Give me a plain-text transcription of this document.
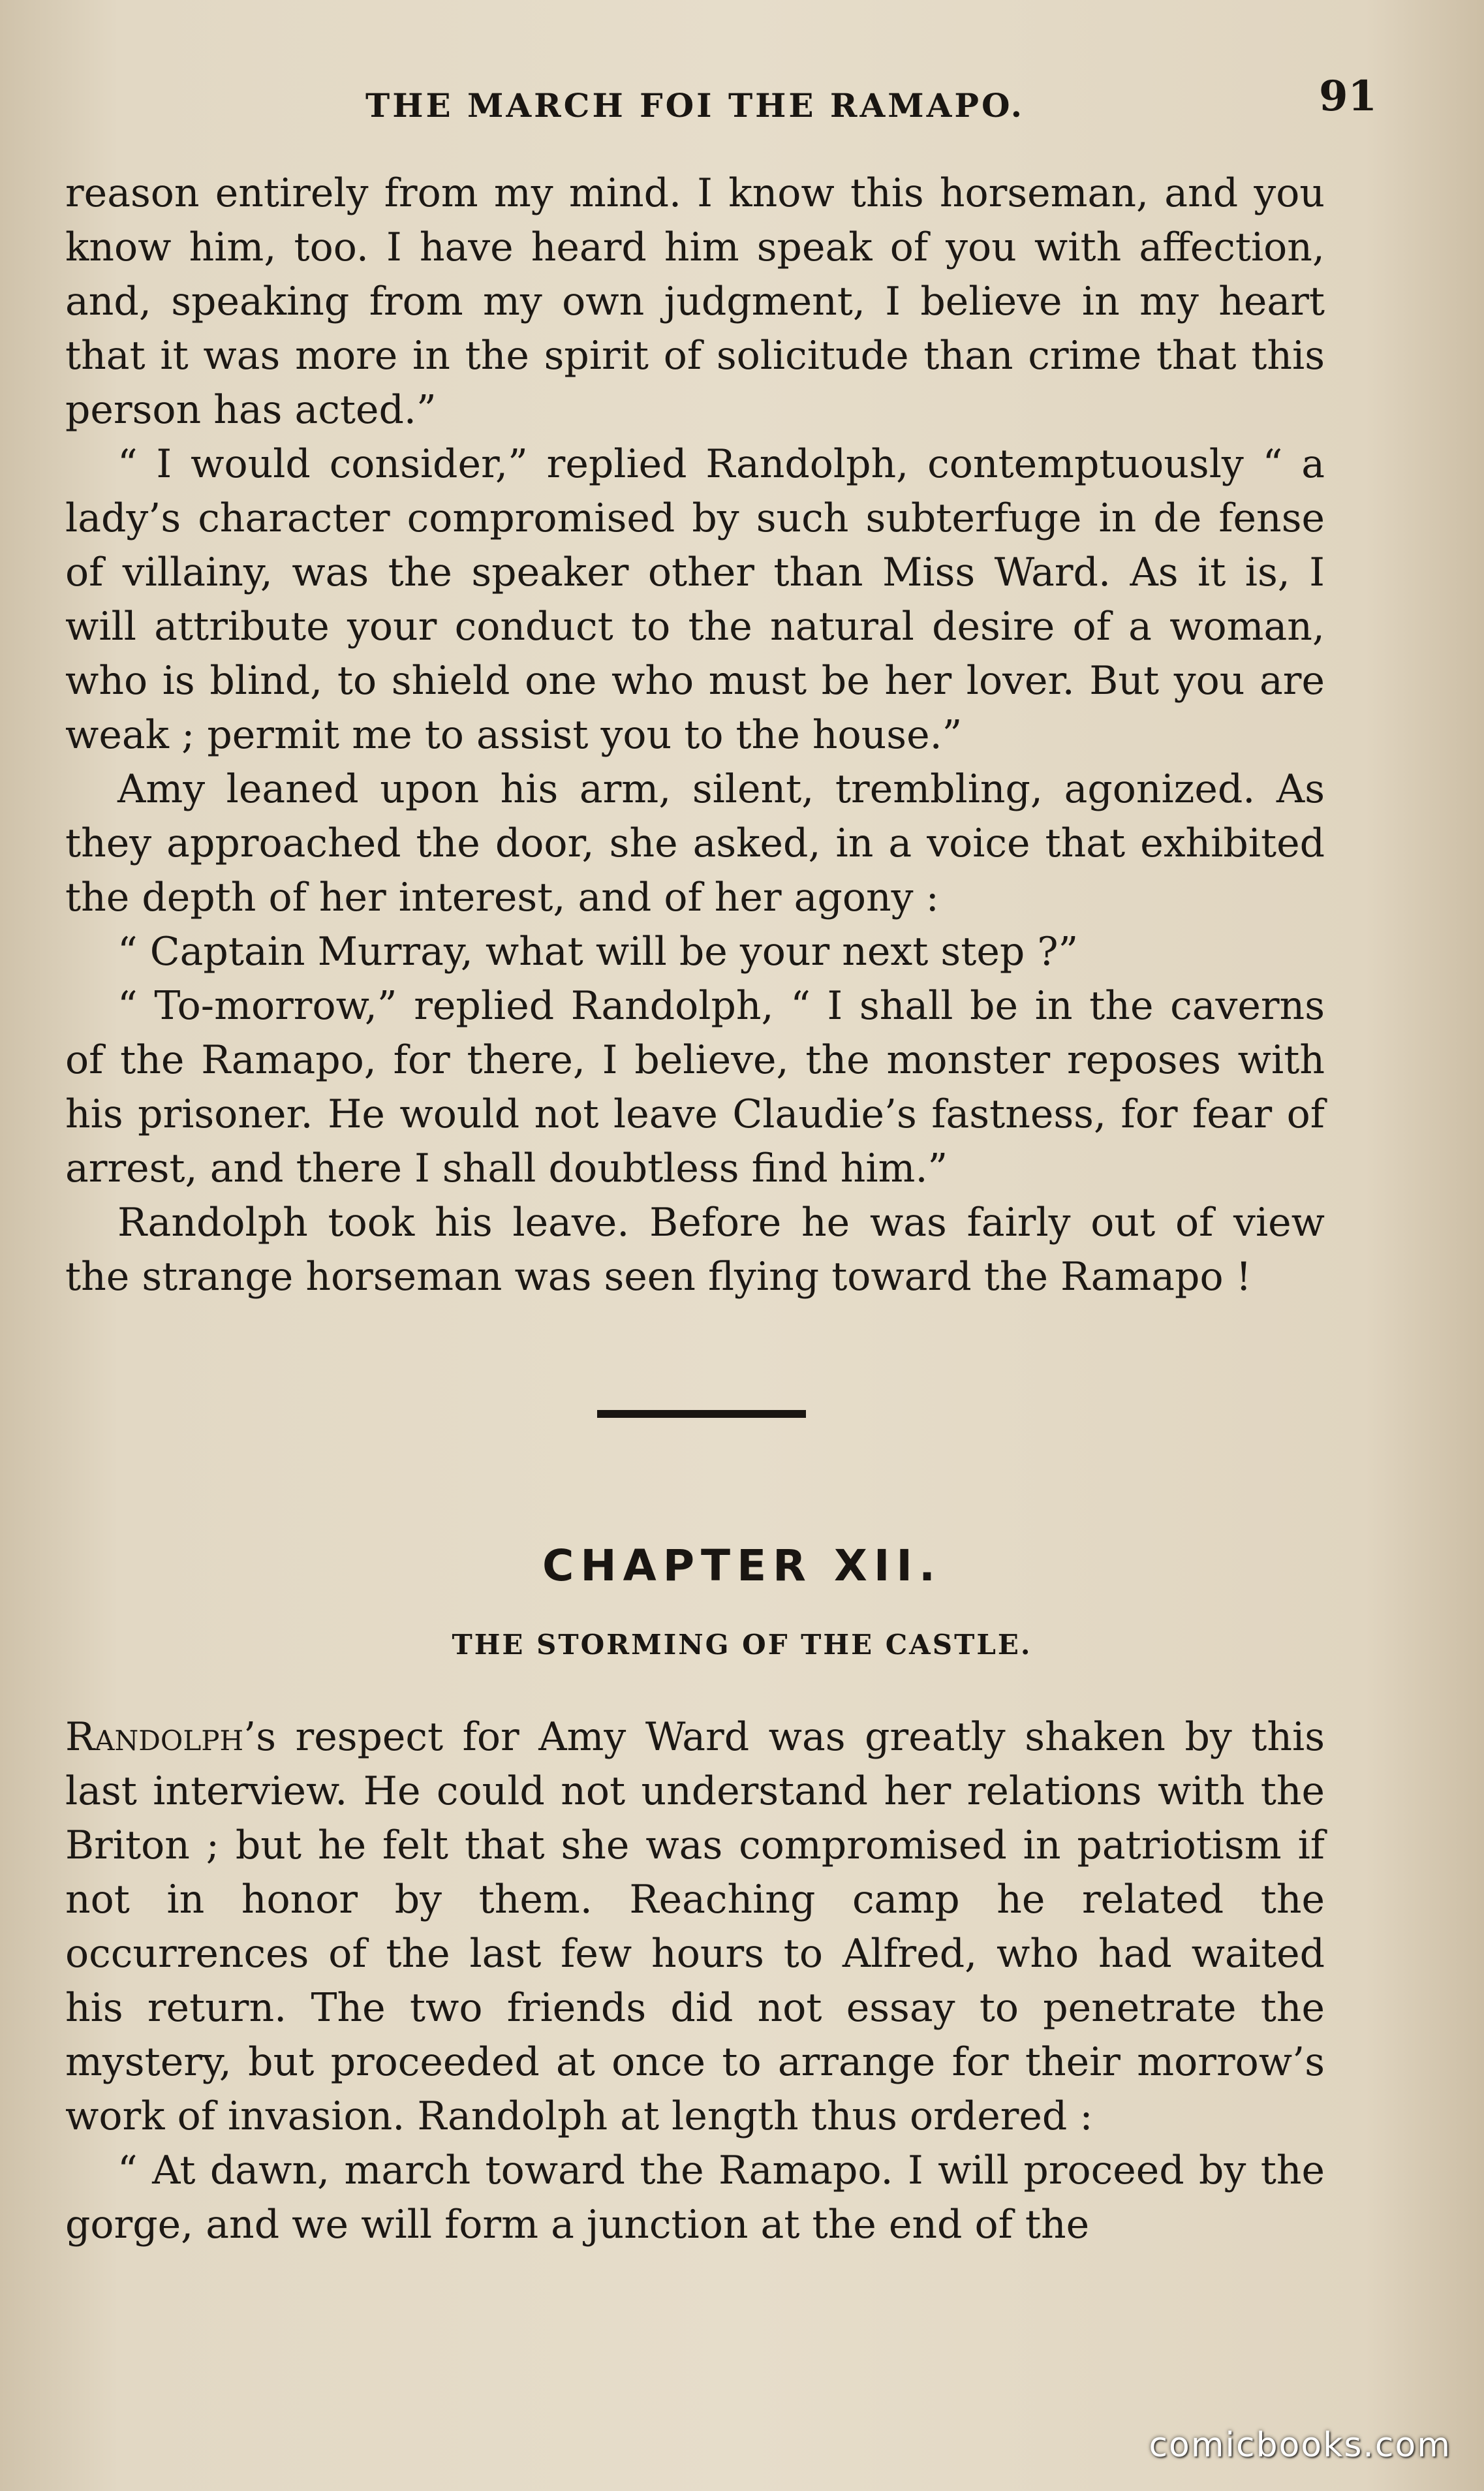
THE MARCH FOI THE RAMAPO.	91

reason entirely from my mind. I know this horseman, and you know him, too. I have heard him speak of you with affection, and, speaking from my own judgment, I believe in my heart that it was more in the spirit of solicitude than crime that this person has acted.”

“ I would consider,” replied Randolph, contemptuously “ a lady’s character compromised by such subterfuge in de fense of villainy, was the speaker other than Miss Ward. As it is, I will attribute your conduct to the natural desire of a woman, who is blind, to shield one who must be her lover. But you are weak ; permit me to assist you to the house.”

Amy leaned upon his arm, silent, trembling, agonized. As they approached the door, she asked, in a voice that exhibited the depth of her interest, and of her agony :

“ Captain Murray, what will be your next step ?”

“ To-morrow,” replied Randolph, “ I shall be in the caverns of the Ramapo, for there, I believe, the monster reposes with his prisoner. He would not leave Claudie’s fastness, for fear of arrest, and there I shall doubtless find him.”

Randolph took his leave. Before he was fairly out of view the strange horseman was seen flying toward the Ramapo !

CHAPTER XII.
THE STORMING OF THE CASTLE.

Randolph’s respect for Amy Ward was greatly shaken by this last interview. He could not understand her relations with the Briton ; but he felt that she was compromised in patriotism if not in honor by them. Reaching camp he related the occurrences of the last few hours to Alfred, who had waited his return. The two friends did not essay to penetrate the mystery, but proceeded at once to arrange for their morrow’s work of invasion. Randolph at length thus ordered :

“ At dawn, march toward the Ramapo. I will proceed by the gorge, and we will form a junction at the end of the

comicbooks.com
